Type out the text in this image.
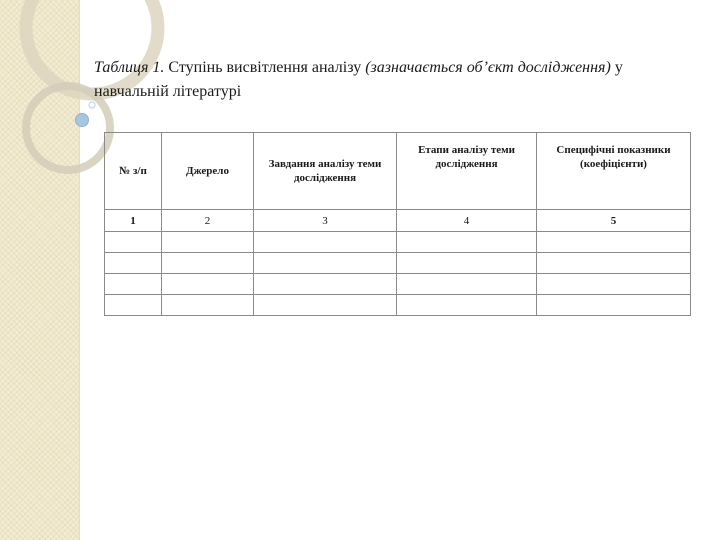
Таблиця 1. Ступінь висвітлення аналізу (зазначається об’єкт дослідження) у навчальній літературі

№ з/п	Джерело	Завдання аналізу теми дослідження	Етапи аналізу теми дослідження	Специфічні показники (коефіцієнти)
1	2	3	4	5
